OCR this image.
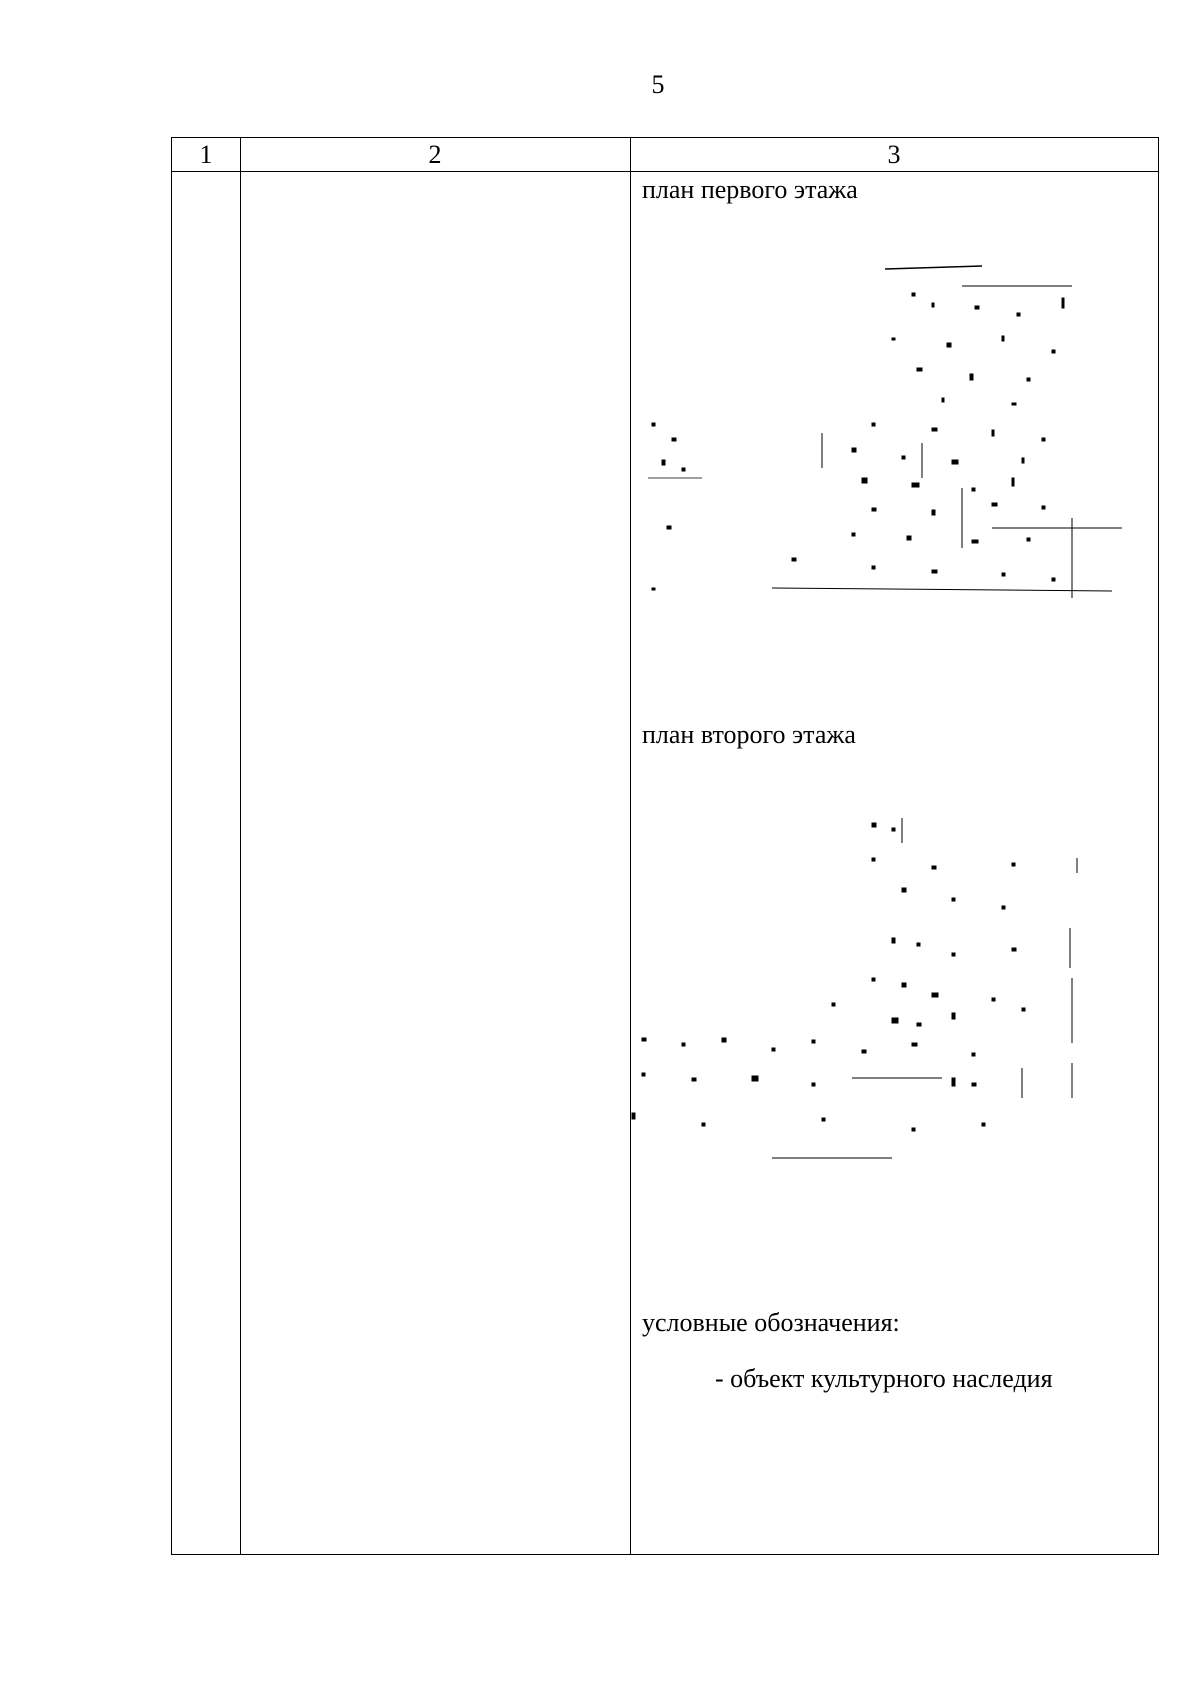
5
1	2	3
план первого этажа
план второго этажа
условные обозначения:
- объект культурного наследия
